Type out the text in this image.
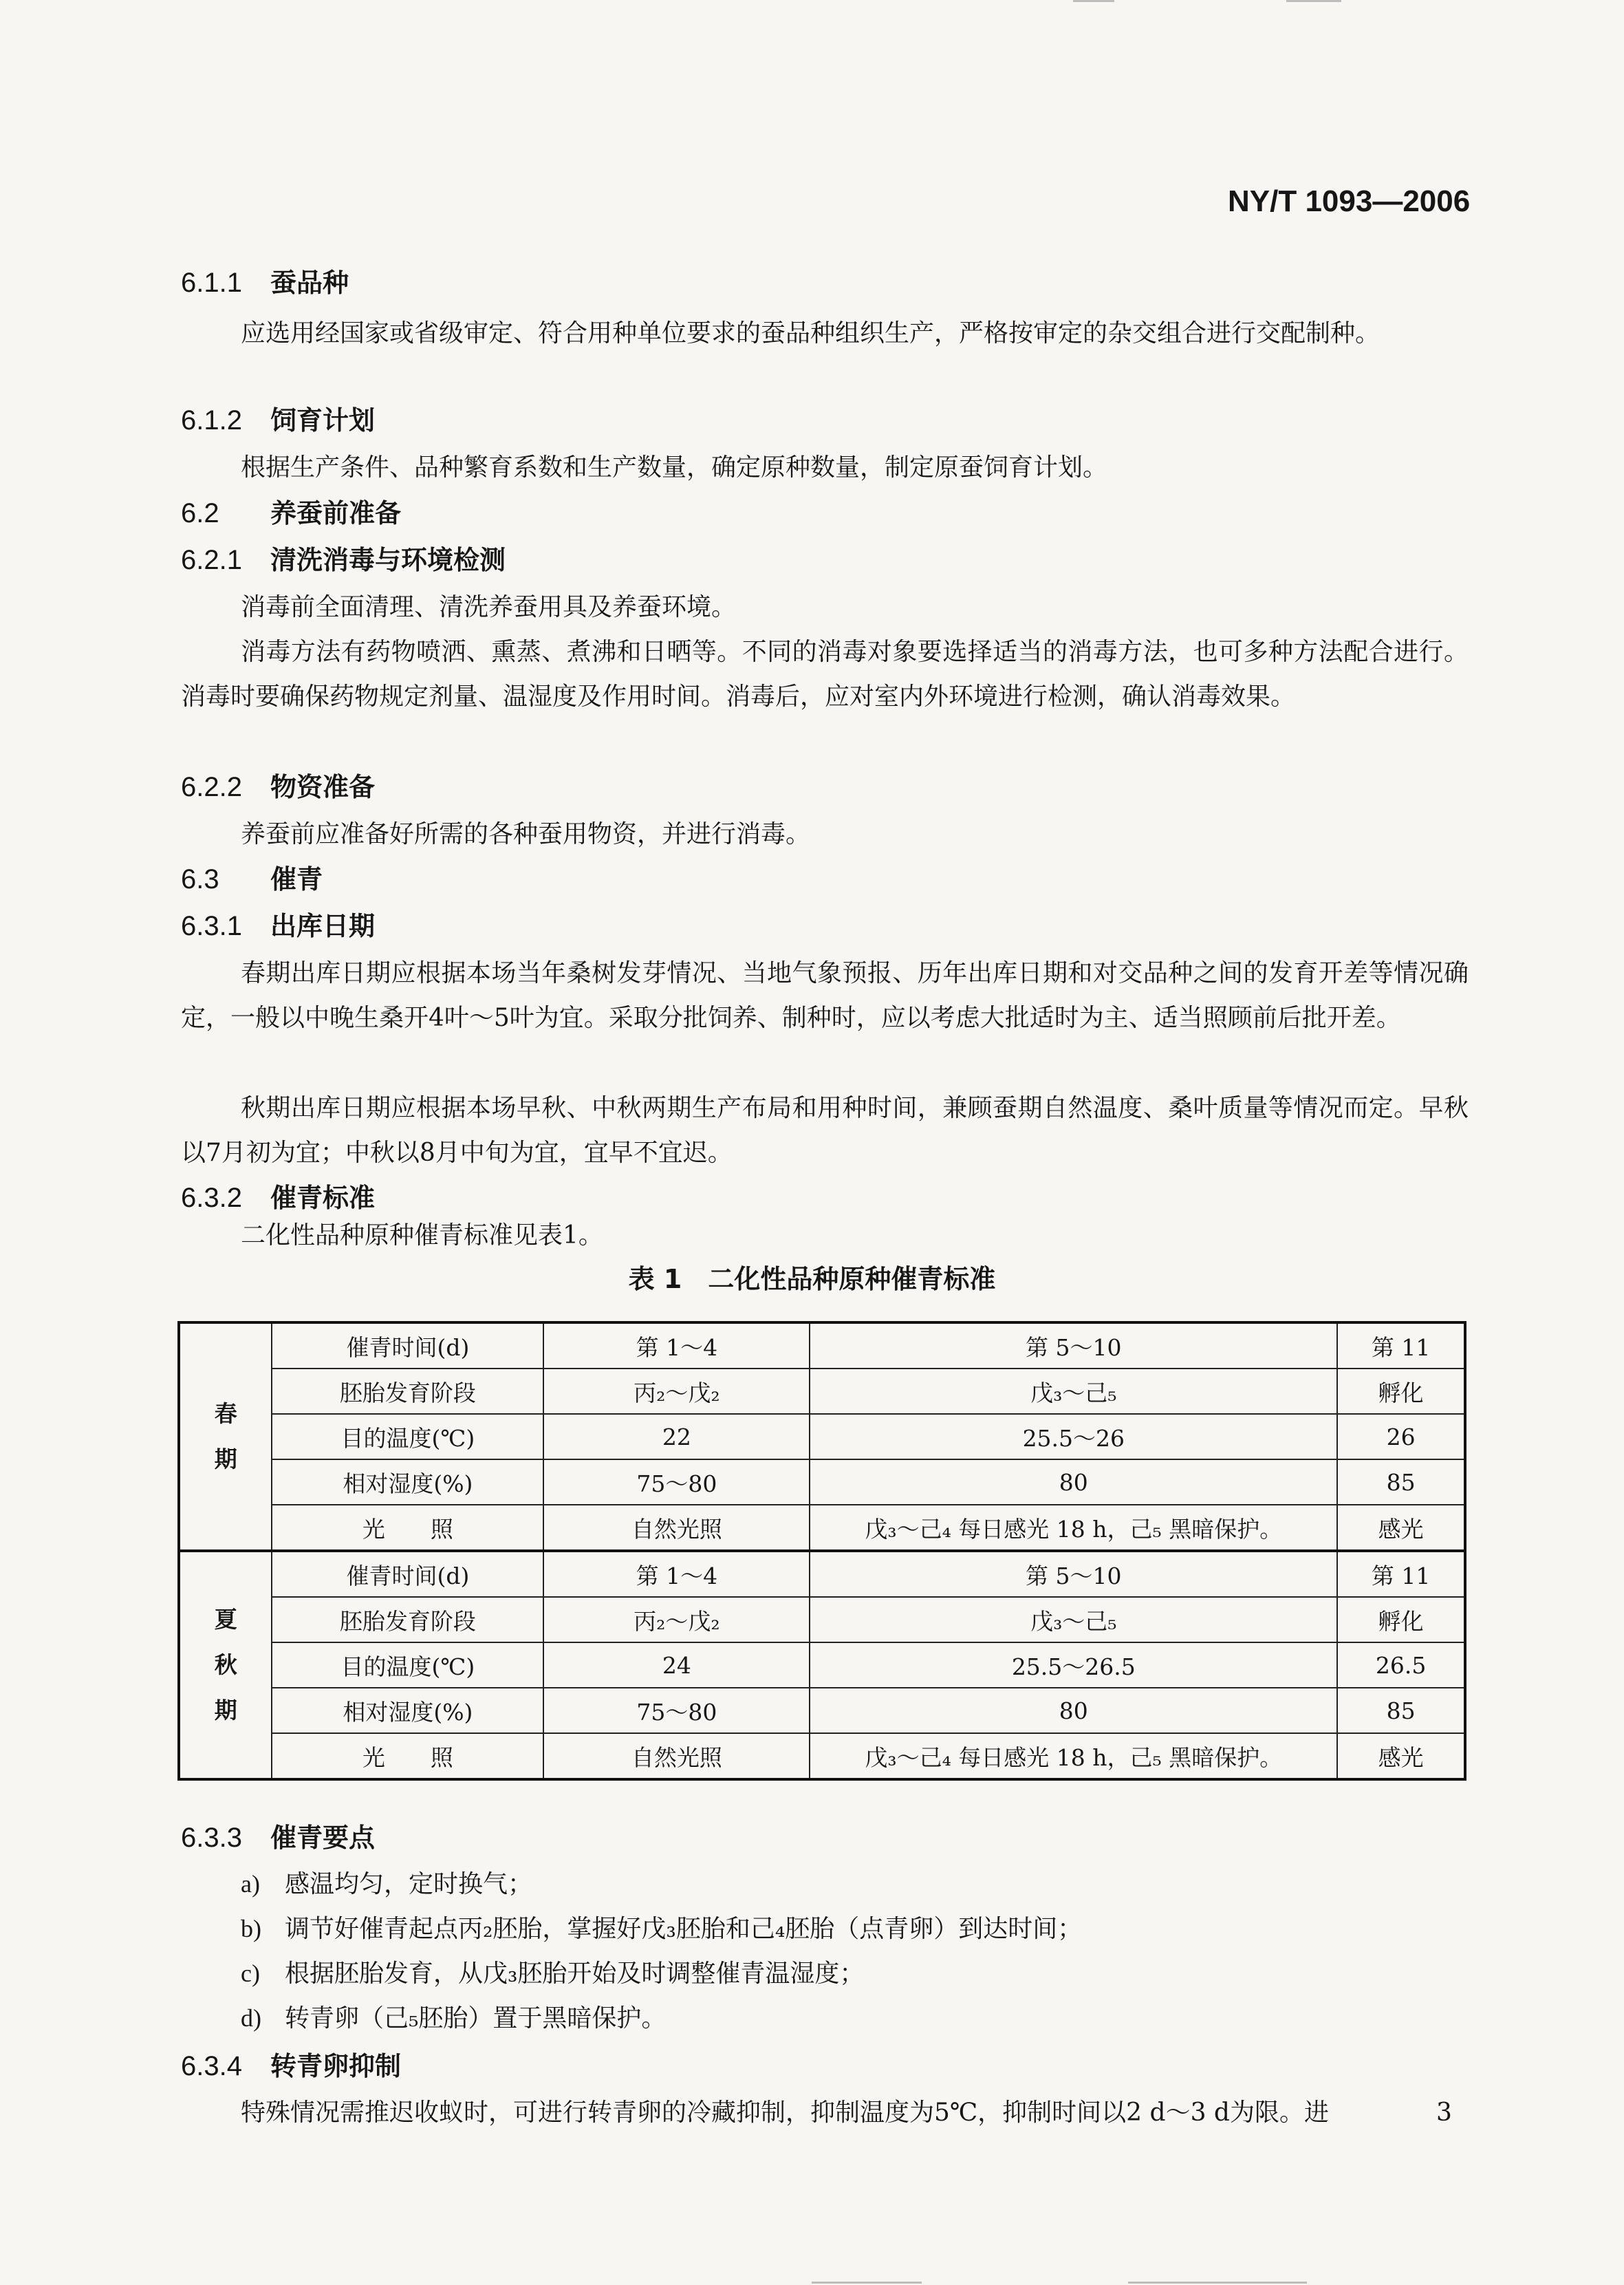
NY/T 1093—2006
6.1.1 蚕品种
应选用经国家或省级审定、符合用种单位要求的蚕品种组织生产，严格按审定的杂交组合进行交配制种。
6.1.2 饲育计划
根据生产条件、品种繁育系数和生产数量，确定原种数量，制定原蚕饲育计划。
6.2 养蚕前准备
6.2.1 清洗消毒与环境检测
消毒前全面清理、清洗养蚕用具及养蚕环境。
消毒方法有药物喷洒、熏蒸、煮沸和日晒等。不同的消毒对象要选择适当的消毒方法，也可多种方法配合进行。消毒时要确保药物规定剂量、温湿度及作用时间。消毒后，应对室内外环境进行检测，确认消毒效果。
6.2.2 物资准备
养蚕前应准备好所需的各种蚕用物资，并进行消毒。
6.3 催青
6.3.1 出库日期
春期出库日期应根据本场当年桑树发芽情况、当地气象预报、历年出库日期和对交品种之间的发育开差等情况确定，一般以中晚生桑开4叶～5叶为宜。采取分批饲养、制种时，应以考虑大批适时为主、适当照顾前后批开差。
秋期出库日期应根据本场早秋、中秋两期生产布局和用种时间，兼顾蚕期自然温度、桑叶质量等情况而定。早秋以7月初为宜；中秋以8月中旬为宜，宜早不宜迟。
6.3.2 催青标准
二化性品种原种催青标准见表1。
表 1　二化性品种原种催青标准
春
期	催青时间(d)	第 1～4	第 5～10	第 11
	胚胎发育阶段	丙₂～戊₂	戊₃～己₅	孵化
	目的温度(℃)	22	25.5～26	26
	相对湿度(%)	75～80	80	85
	光　　照	自然光照	戊₃～己₄ 每日感光 18 h，己₅ 黑暗保护。	感光
夏
秋
期	催青时间(d)	第 1～4	第 5～10	第 11
	胚胎发育阶段	丙₂～戊₂	戊₃～己₅	孵化
	目的温度(℃)	24	25.5～26.5	26.5
	相对湿度(%)	75～80	80	85
	光　　照	自然光照	戊₃～己₄ 每日感光 18 h，己₅ 黑暗保护。	感光
6.3.3 催青要点
a) 感温均匀，定时换气；
b) 调节好催青起点丙₂胚胎，掌握好戊₃胚胎和己₄胚胎（点青卵）到达时间；
c) 根据胚胎发育，从戊₃胚胎开始及时调整催青温湿度；
d) 转青卵（己₅胚胎）置于黑暗保护。
6.3.4 转青卵抑制
特殊情况需推迟收蚁时，可进行转青卵的冷藏抑制，抑制温度为5℃，抑制时间以2 d～3 d为限。进	3
